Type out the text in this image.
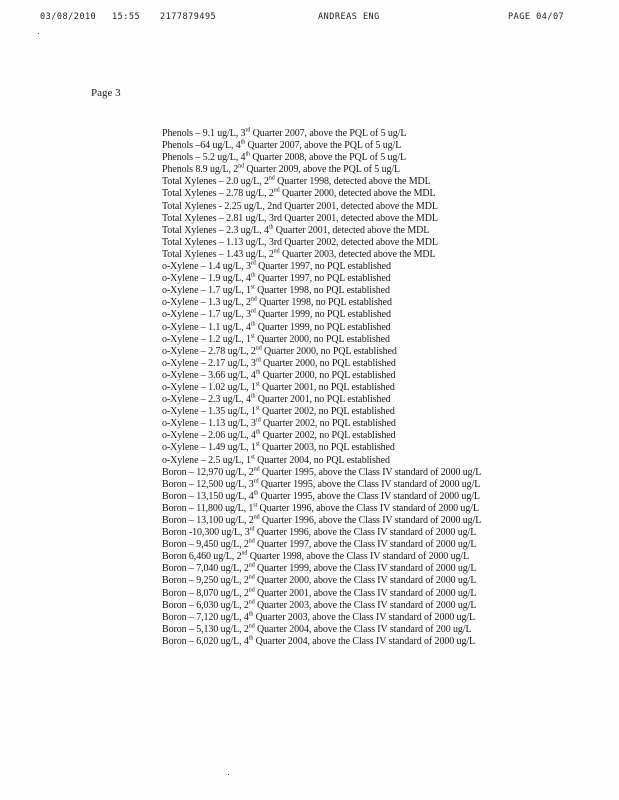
03/08/2010 15:55 2177879495	ANDREAS ENG	PAGE 04/07
Page 3
Phenols – 9.1 ug/L, 3rd Quarter 2007, above the PQL of 5 ug/L
Phenols –64 ug/L, 4th Quarter 2007, above the PQL of 5 ug/L
Phenols – 5.2 ug/L, 4th Quarter 2008, above the PQL of 5 ug/L
Phenols 8.9 ug/L, 2nd Quarter 2009, above the PQL of 5 ug/L
Total Xylenes – 2.0 ug/L, 2nd Quarter 1998, detected above the MDL
Total Xylenes – 2.78 ug/L, 2nd Quarter 2000, detected above the MDL
Total Xylenes - 2.25 ug/L, 2nd Quarter 2001, detected above the MDL
Total Xylenes – 2.81 ug/L, 3rd Quarter 2001, detected above the MDL
Total Xylenes – 2.3 ug/L, 4th Quarter 2001, detected above the MDL
Total Xylenes – 1.13 ug/L, 3rd Quarter 2002, detected above the MDL
Total Xylenes – 1.43 ug/L, 2nd Quarter 2003, detected above the MDL
o-Xylene – 1.4 ug/L, 3rd Quarter 1997, no PQL established
o-Xylene – 1.9 ug/L, 4th Quarter 1997, no PQL established
o-Xylene – 1.7 ug/L, 1st Quarter 1998, no PQL established
o-Xylene – 1.3 ug/L, 2nd Quarter 1998, no PQL established
o-Xylene – 1.7 ug/L, 3rd Quarter 1999, no PQL established
o-Xylene – 1.1 ug/L, 4th Quarter 1999, no PQL established
o-Xylene – 1.2 ug/L, 1st Quarter 2000, no PQL established
o-Xylene – 2.78 ug/L, 2nd Quarter 2000, no PQL established
o-Xylene – 2.17 ug/L, 3rd Quarter 2000, no PQL established
o-Xylene – 3.66 ug/L, 4th Quarter 2000, no PQL established
o-Xylene – 1.02 ug/L, 1st Quarter 2001, no PQL established
o-Xylene – 2.3 ug/L, 4th Quarter 2001, no PQL established
o-Xylene – 1.35 ug/L, 1st Quarter 2002, no PQL established
o-Xylene – 1.13 ug/L, 3rd Quarter 2002, no PQL established
o-Xylene – 2.06 ug/L, 4th Quarter 2002, no PQL established
o-Xylene – 1.49 ug/L, 1st Quarter 2003, no PQL established
o-Xylene – 2.5 ug/L, 1st Quarter 2004, no PQL established
Boron – 12,970 ug/L, 2nd Quarter 1995, above the Class IV standard of 2000 ug/L
Boron – 12,500 ug/L, 3rd Quarter 1995, above the Class IV standard of 2000 ug/L
Boron – 13,150 ug/L, 4th Quarter 1995, above the Class IV standard of 2000 ug/L
Boron – 11,800 ug/L, 1st Quarter 1996, above the Class IV standard of 2000 ug/L
Boron – 13,100 ug/L, 2nd Quarter 1996, above the Class IV standard of 2000 ug/L
Boron -10,300 ug/L, 3rd Quarter 1996, above the Class IV standard of 2000 ug/L
Boron – 9,450 ug/L, 2nd Quarter 1997, above the Class IV standard of 2000 ug/L
Boron 6,460 ug/L, 2nd Quarter 1998, above the Class IV standard of 2000 ug/L
Boron – 7,040 ug/L, 2nd Quarter 1999, above the Class IV standard of 2000 ug/L
Boron – 9,250 ug/L, 2nd Quarter 2000, above the Class IV standard of 2000 ug/L
Boron – 8,070 ug/L, 2nd Quarter 2001, above the Class IV standard of 2000 ug/L
Boron – 6,030 ug/L, 2nd Quarter 2003, above the Class IV standard of 2000 ug/L
Boron – 7,120 ug/L, 4th Quarter 2003, above the Class IV standard of 2000 ug/L
Boron – 5,130 ug/L, 2nd Quarter 2004, above the Class IV standard of 200 ug/L
Boron – 6,020 ug/L, 4th Quarter 2004, above the Class IV standard of 2000 ug/L
